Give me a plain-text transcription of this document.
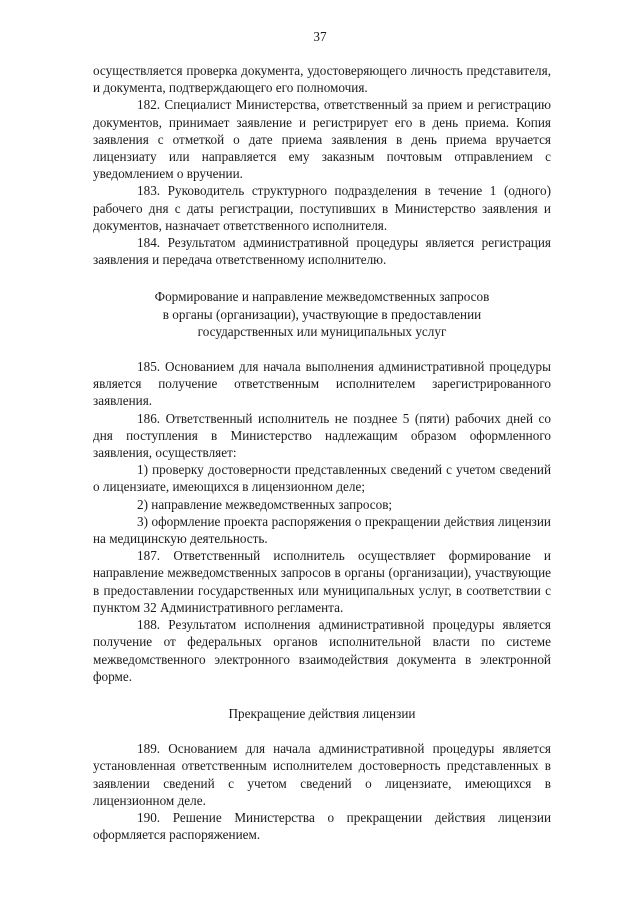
37

осуществляется проверка документа, удостоверяющего личность представителя, и документа, подтверждающего его полномочия.

182. Специалист Министерства, ответственный за прием и регистрацию документов, принимает заявление и регистрирует его в день приема. Копия заявления с отметкой о дате приема заявления в день приема вручается лицензиату или направляется ему заказным почтовым отправлением с уведомлением о вручении.

183. Руководитель структурного подразделения в течение 1 (одного) рабочего дня с даты регистрации, поступивших в Министерство заявления и документов, назначает ответственного исполнителя.

184. Результатом административной процедуры является регистрация заявления и передача ответственному исполнителю.

Формирование и направление межведомственных запросов
в органы (организации), участвующие в предоставлении
государственных или муниципальных услуг

185. Основанием для начала выполнения административной процедуры является получение ответственным исполнителем зарегистрированного заявления.

186. Ответственный исполнитель не позднее 5 (пяти) рабочих дней со дня поступления в Министерство надлежащим образом оформленного заявления, осуществляет:

1) проверку достоверности представленных сведений с учетом сведений о лицензиате, имеющихся в лицензионном деле;

2) направление межведомственных запросов;

3) оформление проекта распоряжения о прекращении действия лицензии на медицинскую деятельность.

187. Ответственный исполнитель осуществляет формирование и направление межведомственных запросов в органы (организации), участвующие в предоставлении государственных или муниципальных услуг, в соответствии с пунктом 32 Административного регламента.

188. Результатом исполнения административной процедуры является получение от федеральных органов исполнительной власти по системе межведомственного электронного взаимодействия документа в электронной форме.

Прекращение действия лицензии

189. Основанием для начала административной процедуры является установленная ответственным исполнителем достоверность представленных в заявлении сведений с учетом сведений о лицензиате, имеющихся в лицензионном деле.

190. Решение Министерства о прекращении действия лицензии оформляется распоряжением.
